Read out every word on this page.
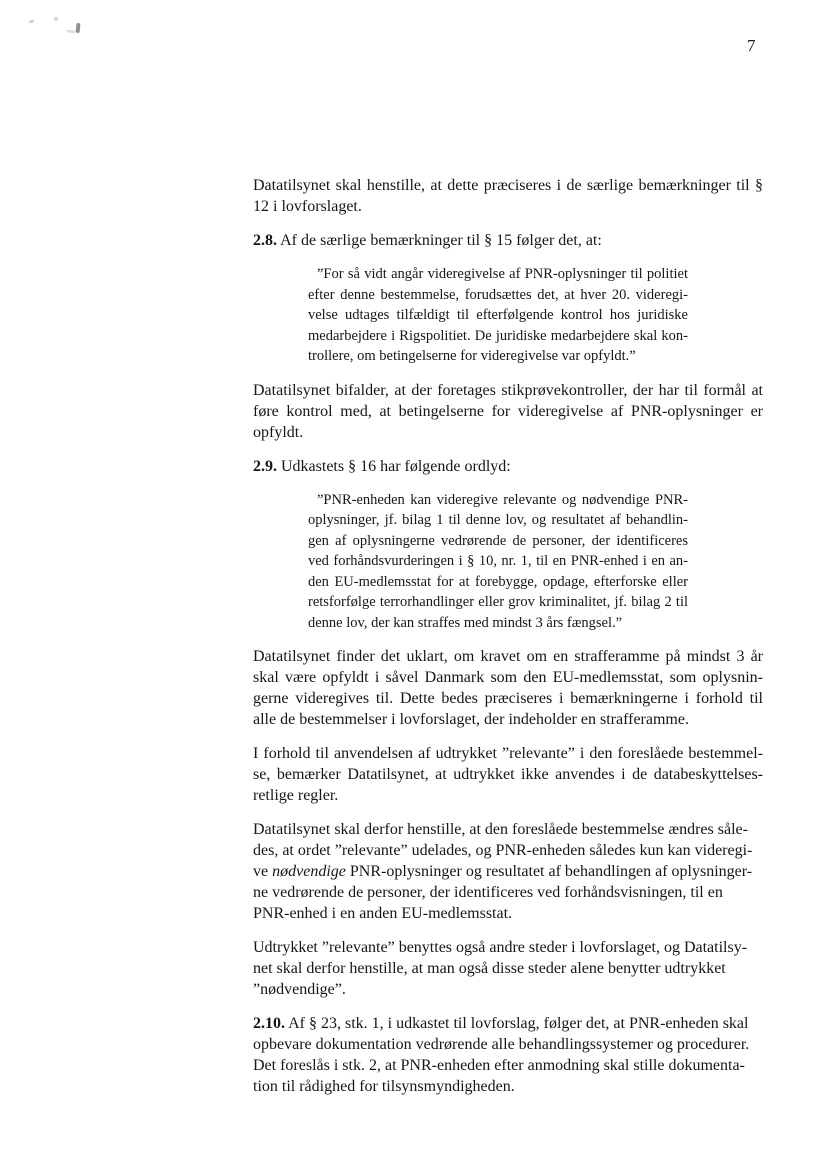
7
Datatilsynet skal henstille, at dette præciseres i de særlige bemærkninger til §
12 i lovforslaget.
2.8. Af de særlige bemærkninger til § 15 følger det, at:
”For så vidt angår videregivelse af PNR-oplysninger til politiet
efter denne bestemmelse, forudsættes det, at hver 20. videregi-
velse udtages tilfældigt til efterfølgende kontrol hos juridiske
medarbejdere i Rigspolitiet. De juridiske medarbejdere skal kon-
trollere, om betingelserne for videregivelse var opfyldt.”
Datatilsynet bifalder, at der foretages stikprøvekontroller, der har til formål at
føre kontrol med, at betingelserne for videregivelse af PNR-oplysninger er
opfyldt.
2.9. Udkastets § 16 har følgende ordlyd:
”PNR-enheden kan videregive relevante og nødvendige PNR-
oplysninger, jf. bilag 1 til denne lov, og resultatet af behandlin-
gen af oplysningerne vedrørende de personer, der identificeres
ved forhåndsvurderingen i § 10, nr. 1, til en PNR-enhed i en an-
den EU-medlemsstat for at forebygge, opdage, efterforske eller
retsforfølge terrorhandlinger eller grov kriminalitet, jf. bilag 2 til
denne lov, der kan straffes med mindst 3 års fængsel.”
Datatilsynet finder det uklart, om kravet om en strafferamme på mindst 3 år
skal være opfyldt i såvel Danmark som den EU-medlemsstat, som oplysnin-
gerne videregives til. Dette bedes præciseres i bemærkningerne i forhold til
alle de bestemmelser i lovforslaget, der indeholder en strafferamme.
I forhold til anvendelsen af udtrykket ”relevante” i den foreslåede bestemmel-
se, bemærker Datatilsynet, at udtrykket ikke anvendes i de databeskyttelses-
retlige regler.
Datatilsynet skal derfor henstille, at den foreslåede bestemmelse ændres såle-
des, at ordet ”relevante” udelades, og PNR-enheden således kun kan videregi-
ve nødvendige PNR-oplysninger og resultatet af behandlingen af oplysninger-
ne vedrørende de personer, der identificeres ved forhåndsvisningen, til en
PNR-enhed i en anden EU-medlemsstat.
Udtrykket ”relevante” benyttes også andre steder i lovforslaget, og Datatilsy-
net skal derfor henstille, at man også disse steder alene benytter udtrykket
”nødvendige”.
2.10. Af § 23, stk. 1, i udkastet til lovforslag, følger det, at PNR-enheden skal
opbevare dokumentation vedrørende alle behandlingssystemer og procedurer.
Det foreslås i stk. 2, at PNR-enheden efter anmodning skal stille dokumenta-
tion til rådighed for tilsynsmyndigheden.
